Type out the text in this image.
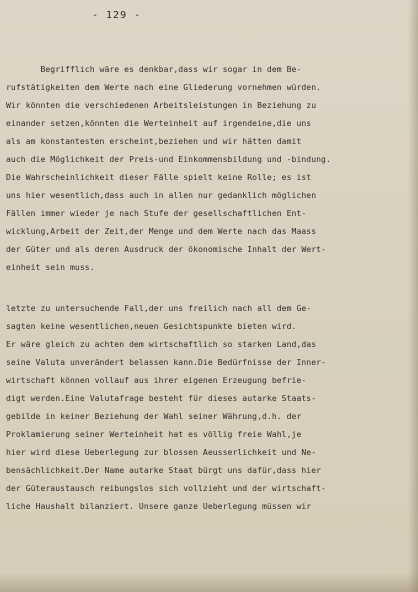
- 129 -
Begrifflich wäre es denkbar,dass wir sogar in dem Be-
rufstätigkeiten dem Werte nach eine Gliederung vornehmen würden.
Wir könnten die verschiedenen Arbeitsleistungen in Beziehung zu
einander setzen,könnten die Werteinheit auf irgendeine,die uns
als am konstantesten erscheint,beziehen und wir hätten damit
auch die Möglichkeit der Preis-und Einkommensbildung und -bindung.
Die Wahrscheinlichkeit dieser Fälle spielt keine Rolle; es ist
uns hier wesentlich,dass auch in allen nur gedanklich möglichen
Fällen immer wieder je nach Stufe der gesellschaftlichen Ent-
wicklung,Arbeit der Zeit,der Menge und dem Werte nach das Maass
der Güter und als deren Ausdruck der ökonomische Inhalt der Wert-
einheit sein muss.

letzte zu untersuchende Fall,der uns freilich nach all dem Ge-
sagten keine wesentlichen,neuen Gesichtspunkte bieten wird.
Er wäre gleich zu achten dem wirtschaftlich so starken Land,das
seine Valuta unverändert belassen kann.Die Bedürfnisse der Inner-
wirtschaft können vollauf aus ihrer eigenen Erzeugung befrie-
digt werden.Eine Valutafrage besteht für dieses autarke Staats-
gebilde in keiner Beziehung der Wahl seiner Währung,d.h. der
Proklamierung seiner Werteinheit hat es völlig freie Wahl,je
hier wird diese Ueberlegung zur blossen Aeusserlichkeit und Ne-
bensächlichkeit.Der Name autarke Staat bürgt uns dafür,dass hier
der Güteraustausch reibungslos sich vollzieht und der wirtschaft-
liche Haushalt bilanziert. Unsere ganze Ueberlegung müssen wir
